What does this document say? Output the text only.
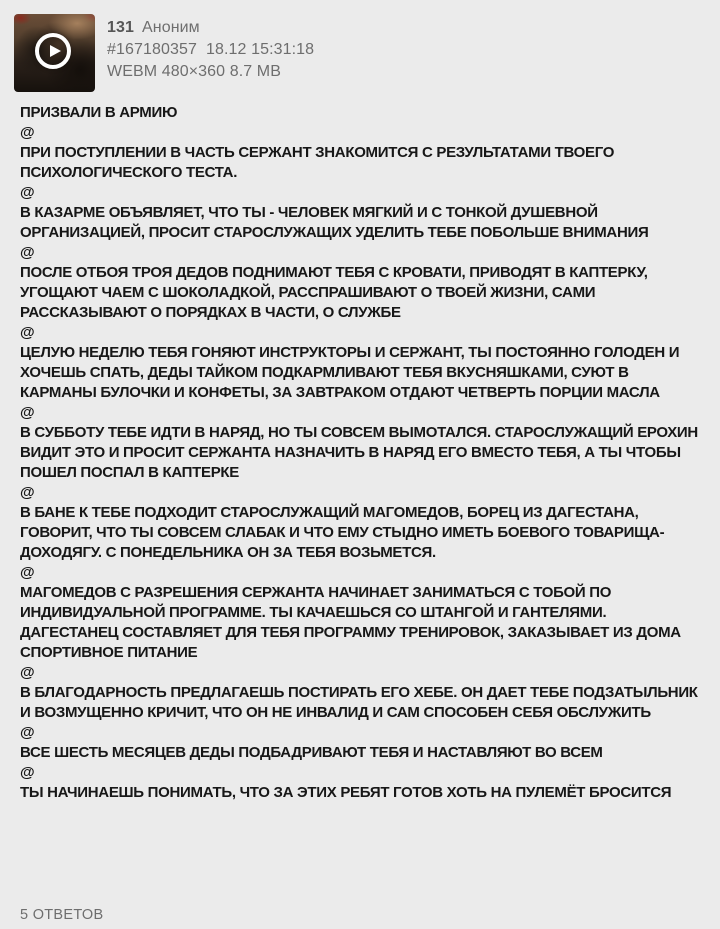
131 Аноним
#167180357 18.12 15:31:18
WEBM 480×360 8.7 MB
ПРИЗВАЛИ В АРМИЮ
@
ПРИ ПОСТУПЛЕНИИ В ЧАСТЬ СЕРЖАНТ ЗНАКОМИТСЯ С РЕЗУЛЬТАТАМИ ТВОЕГО ПСИХОЛОГИЧЕСКОГО ТЕСТА.
@
В КАЗАРМЕ ОБЪЯВЛЯЕТ, ЧТО ТЫ - ЧЕЛОВЕК МЯГКИЙ И С ТОНКОЙ ДУШЕВНОЙ ОРГАНИЗАЦИЕЙ, ПРОСИТ СТАРОСЛУЖАЩИХ УДЕЛИТЬ ТЕБЕ ПОБОЛЬШЕ ВНИМАНИЯ
@
ПОСЛЕ ОТБОЯ ТРОЯ ДЕДОВ ПОДНИМАЮТ ТЕБЯ С КРОВАТИ, ПРИВОДЯТ В КАПТЕРКУ, УГОЩАЮТ ЧАЕМ С ШОКОЛАДКОЙ, РАССПРАШИВАЮТ О ТВОЕЙ ЖИЗНИ, САМИ РАССКАЗЫВАЮТ О ПОРЯДКАХ В ЧАСТИ, О СЛУЖБЕ
@
ЦЕЛУЮ НЕДЕЛЮ ТЕБЯ ГОНЯЮТ ИНСТРУКТОРЫ И СЕРЖАНТ, ТЫ ПОСТОЯННО ГОЛОДЕН И ХОЧЕШЬ СПАТЬ, ДЕДЫ ТАЙКОМ ПОДКАРМЛИВАЮТ ТЕБЯ ВКУСНЯШКАМИ, СУЮТ В КАРМАНЫ БУЛОЧКИ И КОНФЕТЫ, ЗА ЗАВТРАКОМ ОТДАЮТ ЧЕТВЕРТЬ ПОРЦИИ МАСЛА
@
В СУББОТУ ТЕБЕ ИДТИ В НАРЯД, НО ТЫ СОВСЕМ ВЫМОТАЛСЯ. СТАРОСЛУЖАЩИЙ ЕРОХИН ВИДИТ ЭТО И ПРОСИТ СЕРЖАНТА НАЗНАЧИТЬ В НАРЯД ЕГО ВМЕСТО ТЕБЯ, А ТЫ ЧТОБЫ ПОШЕЛ ПОСПАЛ В КАПТЕРКЕ
@
В БАНЕ К ТЕБЕ ПОДХОДИТ СТАРОСЛУЖАЩИЙ МАГОМЕДОВ, БОРЕЦ ИЗ ДАГЕСТАНА, ГОВОРИТ, ЧТО ТЫ СОВСЕМ СЛАБАК И ЧТО ЕМУ СТЫДНО ИМЕТЬ БОЕВОГО ТОВАРИЩА-ДОХОДЯГУ. С ПОНЕДЕЛЬНИКА ОН ЗА ТЕБЯ ВОЗЬМЕТСЯ.
@
МАГОМЕДОВ С РАЗРЕШЕНИЯ СЕРЖАНТА НАЧИНАЕТ ЗАНИМАТЬСЯ С ТОБОЙ ПО ИНДИВИДУАЛЬНОЙ ПРОГРАММЕ. ТЫ КАЧАЕШЬСЯ СО ШТАНГОЙ И ГАНТЕЛЯМИ. ДАГЕСТАНЕЦ СОСТАВЛЯЕТ ДЛЯ ТЕБЯ ПРОГРАММУ ТРЕНИРОВОК, ЗАКАЗЫВАЕТ ИЗ ДОМА СПОРТИВНОЕ ПИТАНИЕ
@
В БЛАГОДАРНОСТЬ ПРЕДЛАГАЕШЬ ПОСТИРАТЬ ЕГО ХЕБЕ. ОН ДАЕТ ТЕБЕ ПОДЗАТЫЛЬНИК И ВОЗМУЩЕННО КРИЧИТ, ЧТО ОН НЕ ИНВАЛИД И САМ СПОСОБЕН СЕБЯ ОБСЛУЖИТЬ
@
ВСЕ ШЕСТЬ МЕСЯЦЕВ ДЕДЫ ПОДБАДРИВАЮТ ТЕБЯ И НАСТАВЛЯЮТ ВО ВСЕМ
@
ТЫ НАЧИНАЕШЬ ПОНИМАТЬ, ЧТО ЗА ЭТИХ РЕБЯТ ГОТОВ ХОТЬ НА ПУЛЕМЁТ БРОСИТСЯ
5 ОТВЕТОВ
